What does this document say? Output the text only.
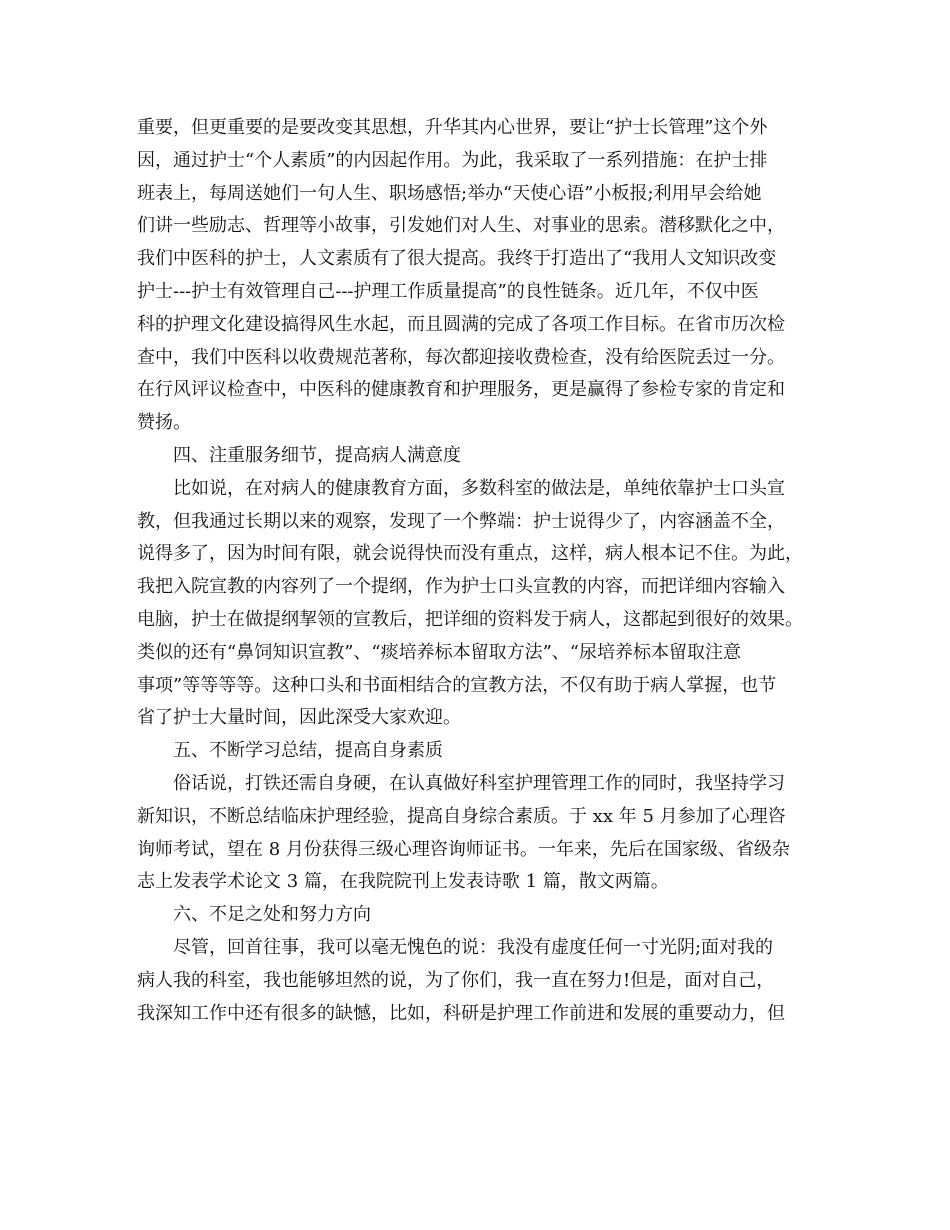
重要，但更重要的是要改变其思想，升华其内心世界，要让“护士长管理”这个外
因，通过护士“个人素质”的内因起作用。为此，我采取了一系列措施：在护士排
班表上，每周送她们一句人生、职场感悟;举办“天使心语”小板报;利用早会给她
们讲一些励志、哲理等小故事，引发她们对人生、对事业的思索。潜移默化之中，
我们中医科的护士，人文素质有了很大提高。我终于打造出了“我用人文知识改变
护士---护士有效管理自己---护理工作质量提高”的良性链条。近几年，不仅中医
科的护理文化建设搞得风生水起，而且圆满的完成了各项工作目标。在省市历次检
查中，我们中医科以收费规范著称，每次都迎接收费检查，没有给医院丢过一分。
在行风评议检查中，中医科的健康教育和护理服务，更是赢得了参检专家的肯定和
赞扬。
四、注重服务细节，提高病人满意度
比如说，在对病人的健康教育方面，多数科室的做法是，单纯依靠护士口头宣
教，但我通过长期以来的观察，发现了一个弊端：护士说得少了，内容涵盖不全，
说得多了，因为时间有限，就会说得快而没有重点，这样，病人根本记不住。为此，
我把入院宣教的内容列了一个提纲，作为护士口头宣教的内容，而把详细内容输入
电脑，护士在做提纲挈领的宣教后，把详细的资料发于病人，这都起到很好的效果。
类似的还有“鼻饲知识宣教”、“痰培养标本留取方法”、“尿培养标本留取注意
事项”等等等等。这种口头和书面相结合的宣教方法，不仅有助于病人掌握，也节
省了护士大量时间，因此深受大家欢迎。
五、不断学习总结，提高自身素质
俗话说，打铁还需自身硬，在认真做好科室护理管理工作的同时，我坚持学习
新知识，不断总结临床护理经验，提高自身综合素质。于 xx 年 5 月参加了心理咨
询师考试，望在 8 月份获得三级心理咨询师证书。一年来，先后在国家级、省级杂
志上发表学术论文 3 篇，在我院院刊上发表诗歌 1 篇，散文两篇。
六、不足之处和努力方向
尽管，回首往事，我可以毫无愧色的说：我没有虚度任何一寸光阴;面对我的
病人我的科室，我也能够坦然的说，为了你们，我一直在努力!但是，面对自己，
我深知工作中还有很多的缺憾，比如，科研是护理工作前进和发展的重要动力，但
